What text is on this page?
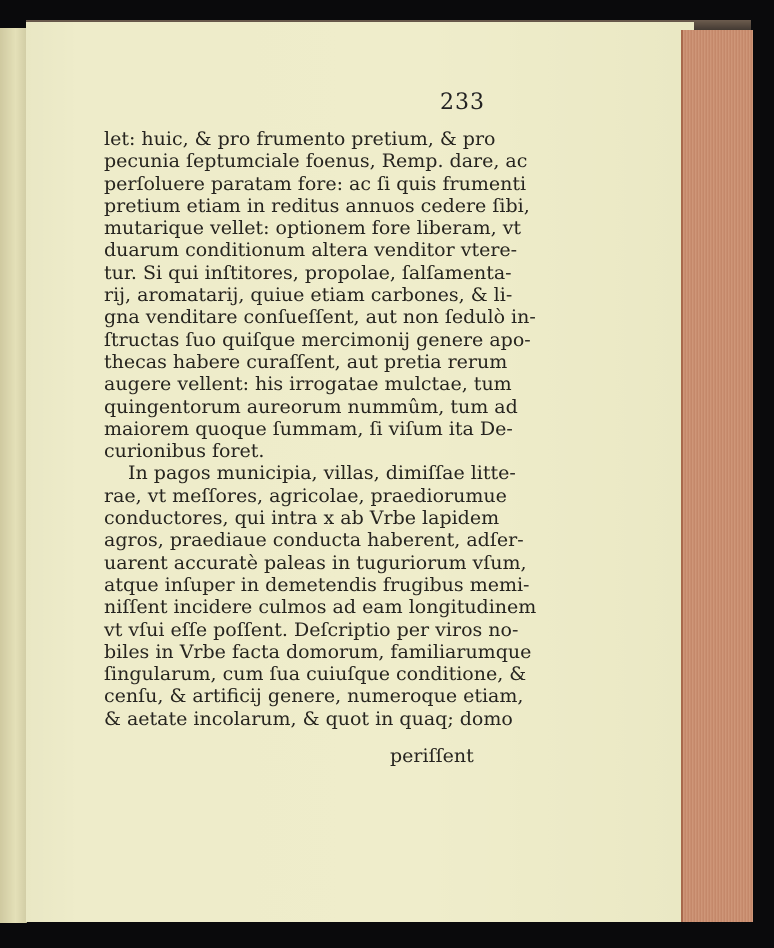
233
let: huic, & pro frumento pretium, & pro
pecunia ſeptumciale foenus, Remp. dare, ac
perſoluere paratam fore: ac ſi quis frumenti
pretium etiam in reditus annuos cedere ſibi,
mutarique vellet: optionem fore liberam, vt
duarum conditionum altera venditor vtere-
tur. Si qui inſtitores, propolae, ſalſamenta-
rij, aromatarij, quiue etiam carbones, & li-
gna venditare conſueſſent, aut non ſedulò in-
ſtructas ſuo quiſque mercimonij genere apo-
thecas habere curaſſent, aut pretia rerum
augere vellent: his irrogatae mulctae, tum
quingentorum aureorum nummûm, tum ad
maiorem quoque ſummam, ſi viſum ita De-
curionibus foret.
In pagos municipia, villas, dimiſſae litte-
rae, vt meſſores, agricolae, praediorumue
conductores, qui intra x ab Vrbe lapidem
agros, praediaue conducta haberent, adſer-
uarent accuratè paleas in tuguriorum vſum,
atque inſuper in demetendis frugibus memi-
niſſent incidere culmos ad eam longitudinem
vt vſui eſſe poſſent. Deſcriptio per viros no-
biles in Vrbe facta domorum, familiarumque
ſingularum, cum ſua cuiuſque conditione, &
cenſu, & artificij genere, numeroque etiam,
& aetate incolarum, & quot in quaq; domo
periſſent
